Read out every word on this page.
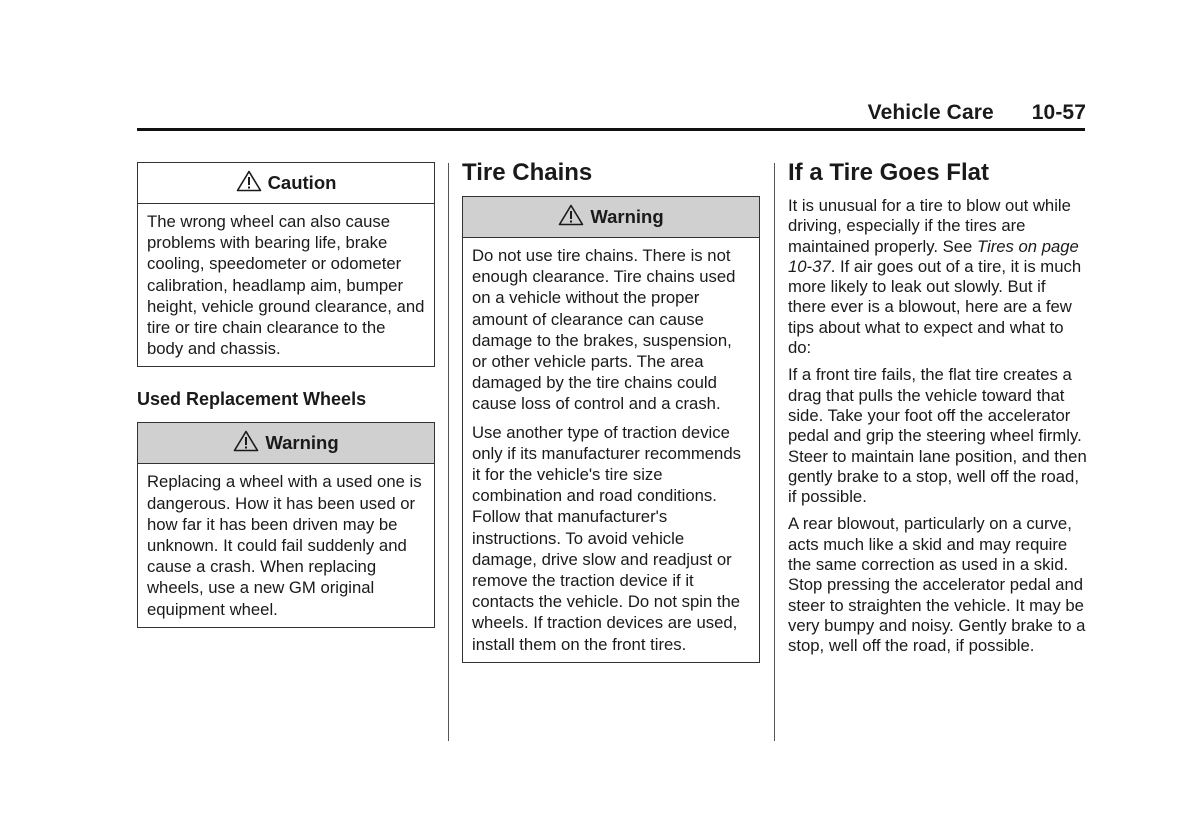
Vehicle Care 10-57
Caution

The wrong wheel can also cause problems with bearing life, brake cooling, speedometer or odometer calibration, headlamp aim, bumper height, vehicle ground clearance, and tire or tire chain clearance to the body and chassis.

Used Replacement Wheels
Warning

Replacing a wheel with a used one is dangerous. How it has been used or how far it has been driven may be unknown. It could fail suddenly and cause a crash. When replacing wheels, use a new GM original equipment wheel.

Tire Chains
Warning

Do not use tire chains. There is not enough clearance. Tire chains used on a vehicle without the proper amount of clearance can cause damage to the brakes, suspension, or other vehicle parts. The area damaged by the tire chains could cause loss of control and a crash.

Use another type of traction device only if its manufacturer recommends it for the vehicle's tire size combination and road conditions. Follow that manufacturer's instructions. To avoid vehicle damage, drive slow and readjust or remove the traction device if it contacts the vehicle. Do not spin the wheels. If traction devices are used, install them on the front tires.

If a Tire Goes Flat

It is unusual for a tire to blow out while driving, especially if the tires are maintained properly. See Tires on page 10-37. If air goes out of a tire, it is much more likely to leak out slowly. But if there ever is a blowout, here are a few tips about what to expect and what to do:

If a front tire fails, the flat tire creates a drag that pulls the vehicle toward that side. Take your foot off the accelerator pedal and grip the steering wheel firmly. Steer to maintain lane position, and then gently brake to a stop, well off the road, if possible.

A rear blowout, particularly on a curve, acts much like a skid and may require the same correction as used in a skid. Stop pressing the accelerator pedal and steer to straighten the vehicle. It may be very bumpy and noisy. Gently brake to a stop, well off the road, if possible.
